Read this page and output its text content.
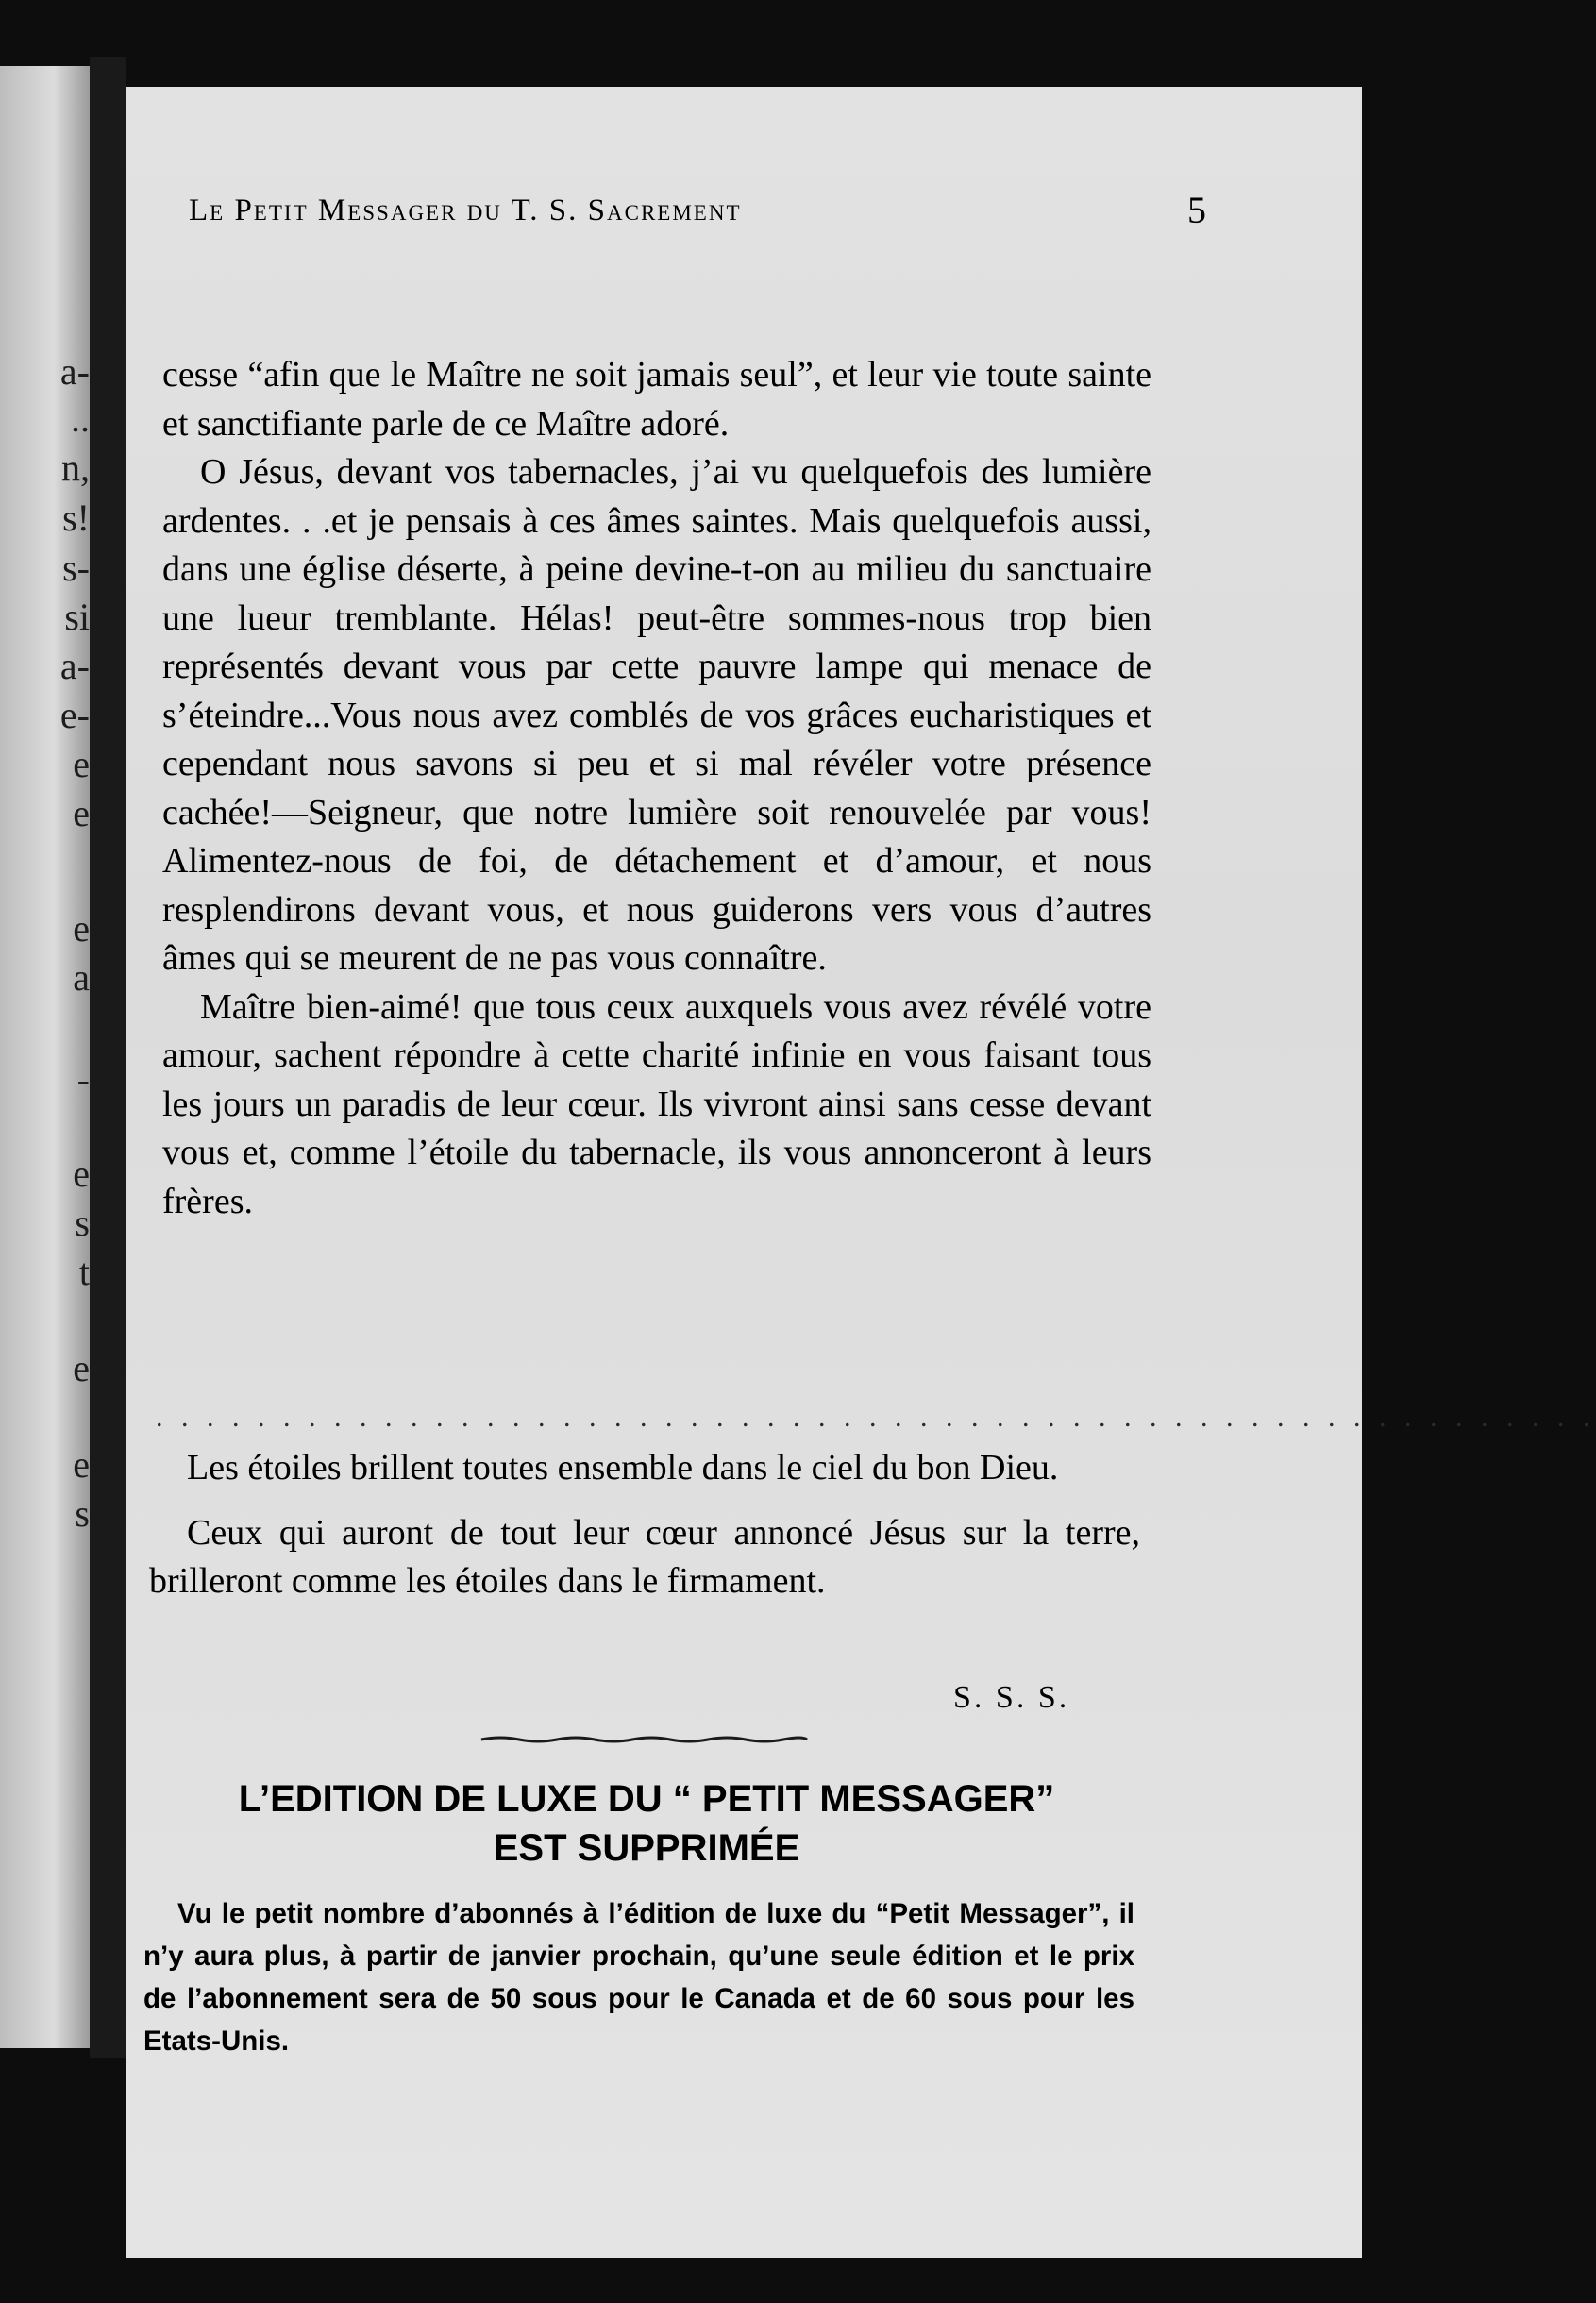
a-
..
n,
s!
s-
si
a-
e-
e
e
e
a
-
e
s
t
e
e
s
Le Petit Messager du T. S. Sacrement	5

cesse “afin que le Maître ne soit jamais seul”, et leur vie toute sainte et sanctifiante parle de ce Maître adoré.

O Jésus, devant vos tabernacles, j’ai vu quelquefois des lumière ardentes. . .et je pensais à ces âmes saintes. Mais quelquefois aussi, dans une église déserte, à peine devine-t-on au milieu du sanctuaire une lueur tremblante. Hélas! peut-être sommes-nous trop bien représentés devant vous par cette pauvre lampe qui menace de s’éteindre...Vous nous avez comblés de vos grâces eucharistiques et cependant nous savons si peu et si mal révéler votre présence cachée!—Seigneur, que notre lumière soit renouvelée par vous! Alimentez-nous de foi, de détachement et d’amour, et nous resplendirons devant vous, et nous guiderons vers vous d’autres âmes qui se meurent de ne pas vous connaître.

Maître bien-aimé! que tous ceux auxquels vous avez révélé votre amour, sachent répondre à cette charité infinie en vous faisant tous les jours un paradis de leur cœur. Ils vivront ainsi sans cesse devant vous et, comme l’étoile du tabernacle, ils vous annonceront à leurs frères.

. . . . . . . . . . . . . . . . . . . . . . . . . . . . . . . . . . . . . . . . . . . . . . . . . . . . . . . . .

Les étoiles brillent toutes ensemble dans le ciel du bon Dieu.

Ceux qui auront de tout leur cœur annoncé Jésus sur la terre, brilleront comme les étoiles dans le firmament.

S. S. S.
L’EDITION DE LUXE DU “ PETIT MESSAGER”
EST SUPPRIMÉE
Vu le petit nombre d’abonnés à l’édition de luxe du “Petit Messager”, il n’y aura plus, à partir de janvier prochain, qu’une seule édition et le prix de l’abonnement sera de 50 sous pour le Canada et de 60 sous pour les Etats-Unis.
